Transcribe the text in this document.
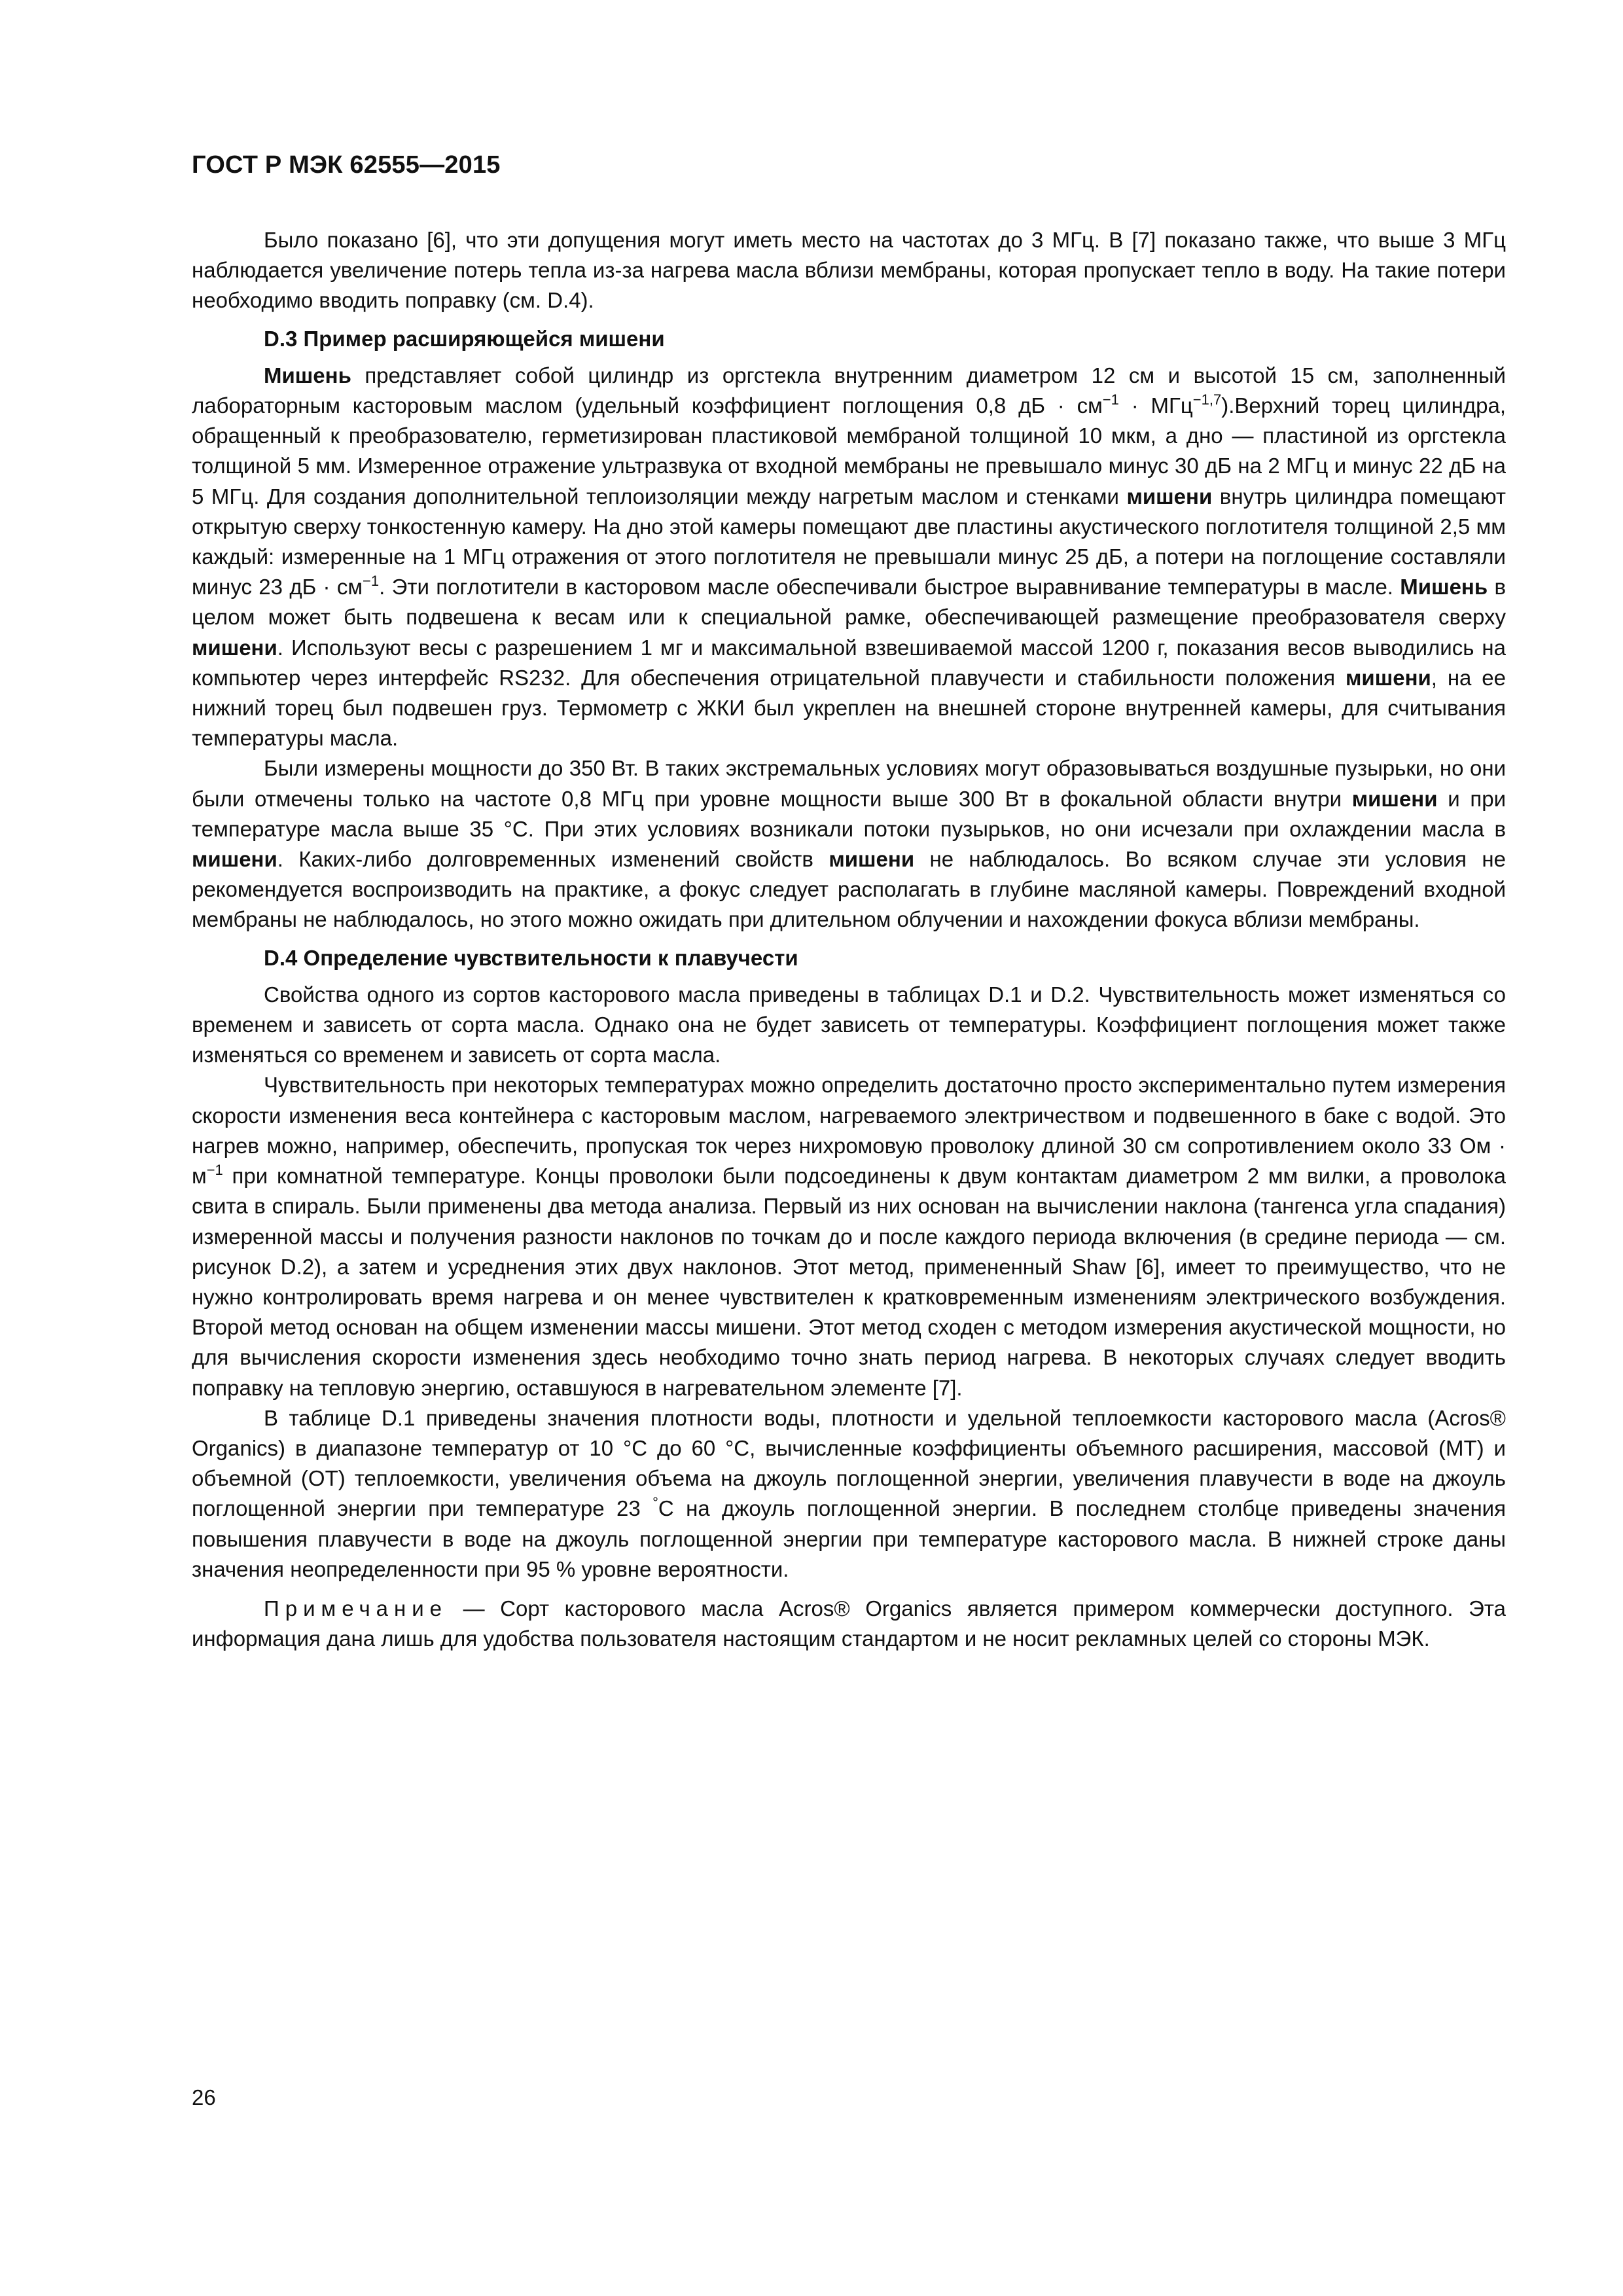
ГОСТ Р МЭК 62555—2015

Было показано [6], что эти допущения могут иметь место на частотах до 3 МГц. В [7] показано также, что выше 3 МГц наблюдается увеличение потерь тепла из-за нагрева масла вблизи мембраны, которая пропускает тепло в воду. На такие потери необходимо вводить поправку (см. D.4).

D.3 Пример расширяющейся мишени

Мишень представляет собой цилиндр из оргстекла внутренним диаметром 12 см и высотой 15 см, заполненный лабораторным касторовым маслом (удельный коэффициент поглощения 0,8 дБ · $см^{-1}$ · МГц$^{-1,7}$).Верхний торец цилиндра, обращенный к преобразователю, герметизирован пластиковой мембраной толщиной 10 мкм, а дно — пластиной из оргстекла толщиной 5 мм. Измеренное отражение ультразвука от входной мембраны не превышало минус 30 дБ на 2 МГц и минус 22 дБ на 5 МГц. Для создания дополнительной теплоизоляции между нагретым маслом и стенками мишени внутрь цилиндра помещают открытую сверху тонкостенную камеру. На дно этой камеры помещают две пластины акустического поглотителя толщиной 2,5 мм каждый: измеренные на 1 МГц отражения от этого поглотителя не превышали минус 25 дБ, а потери на поглощение составляли минус 23 дБ · $см^{-1}$. Эти поглотители в касторовом масле обеспечивали быстрое выравнивание температуры в масле. Мишень в целом может быть подвешена к весам или к специальной рамке, обеспечивающей размещение преобразователя сверху мишени. Используют весы с разрешением 1 мг и максимальной взвешиваемой массой 1200 г, показания весов выводились на компьютер через интерфейс RS232. Для обеспечения отрицательной плавучести и стабильности положения мишени, на ее нижний торец был подвешен груз. Термометр с ЖКИ был укреплен на внешней стороне внутренней камеры, для считывания температуры масла.

Были измерены мощности до 350 Вт. В таких экстремальных условиях могут образовываться воздушные пузырьки, но они были отмечены только на частоте 0,8 МГц при уровне мощности выше 300 Вт в фокальной области внутри мишени и при температуре масла выше 35 °С. При этих условиях возникали потоки пузырьков, но они исчезали при охлаждении масла в мишени. Каких-либо долговременных изменений свойств мишени не наблюдалось. Во всяком случае эти условия не рекомендуется воспроизводить на практике, а фокус следует располагать в глубине масляной камеры. Повреждений входной мембраны не наблюдалось, но этого можно ожидать при длительном облучении и нахождении фокуса вблизи мембраны.

D.4 Определение чувствительности к плавучести

Свойства одного из сортов касторового масла приведены в таблицах D.1 и D.2. Чувствительность может изменяться со временем и зависеть от сорта масла. Однако она не будет зависеть от температуры. Коэффициент поглощения может также изменяться со временем и зависеть от сорта масла.

Чувствительность при некоторых температурах можно определить достаточно просто экспериментально путем измерения скорости изменения веса контейнера с касторовым маслом, нагреваемого электричеством и подвешенного в баке с водой. Это нагрев можно, например, обеспечить, пропуская ток через нихромовую проволоку длиной 30 см сопротивлением около 33 Ом · $м^{-1}$ при комнатной температуре. Концы проволоки были подсоединены к двум контактам диаметром 2 мм вилки, а проволока свита в спираль. Были применены два метода анализа. Первый из них основан на вычислении наклона (тангенса угла спадания) измеренной массы и получения разности наклонов по точкам до и после каждого периода включения (в средине периода — см. рисунок D.2), а затем и усреднения этих двух наклонов. Этот метод, примененный Shaw [6], имеет то преимущество, что не нужно контролировать время нагрева и он менее чувствителен к кратковременным изменениям электрического возбуждения. Второй метод основан на общем изменении массы мишени. Этот метод сходен с методом измерения акустической мощности, но для вычисления скорости изменения здесь необходимо точно знать период нагрева. В некоторых случаях следует вводить поправку на тепловую энергию, оставшуюся в нагревательном элементе [7].

В таблице D.1 приведены значения плотности воды, плотности и удельной теплоемкости касторового масла (Acros® Organics) в диапазоне температур от 10 °С до 60 °С, вычисленные коэффициенты объемного расширения, массовой (МТ) и объемной (ОТ) теплоемкости, увеличения объема на джоуль поглощенной энергии, увеличения плавучести в воде на джоуль поглощенной энергии при температуре 23 °С на джоуль поглощенной энергии. В последнем столбце приведены значения повышения плавучести в воде на джоуль поглощенной энергии при температуре касторового масла. В нижней строке даны значения неопределенности при 95 % уровне вероятности.

Примечание — Сорт касторового масла Acros® Organics является примером коммерчески доступного. Эта информация дана лишь для удобства пользователя настоящим стандартом и не носит рекламных целей со стороны МЭК.

26
